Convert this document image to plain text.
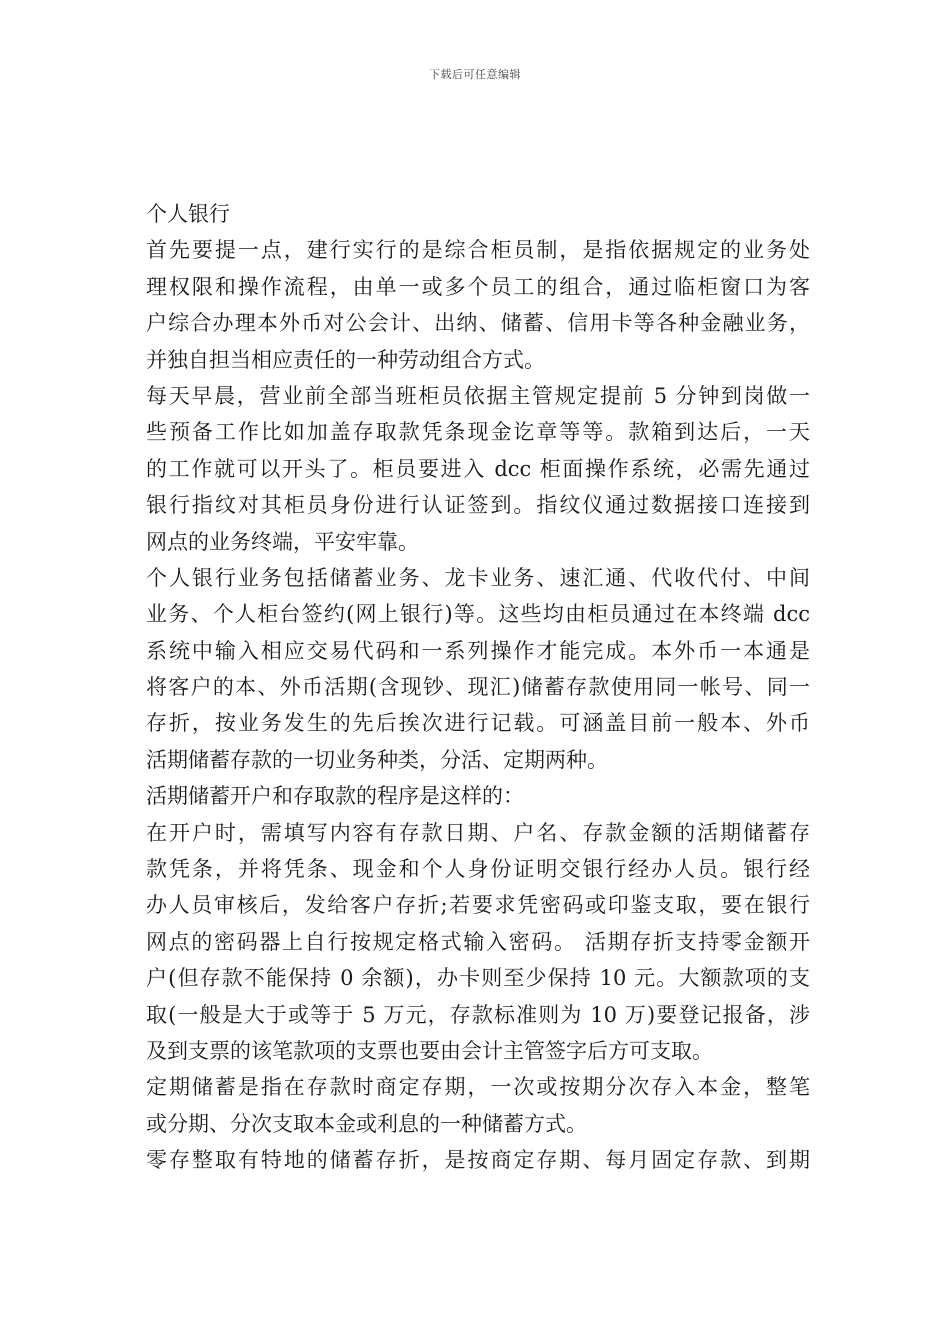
下载后可任意编辑
个人银行
首先要提一点，建行实行的是综合柜员制，是指依据规定的业务处
理权限和操作流程，由单一或多个员工的组合，通过临柜窗口为客
户综合办理本外币对公会计、出纳、储蓄、信用卡等各种金融业务，
并独自担当相应责任的一种劳动组合方式。
每天早晨，营业前全部当班柜员依据主管规定提前 5 分钟到岗做一
些预备工作比如加盖存取款凭条现金讫章等等。款箱到达后，一天
的工作就可以开头了。柜员要进入 dcc 柜面操作系统，必需先通过
银行指纹对其柜员身份进行认证签到。指纹仪通过数据接口连接到
网点的业务终端，平安牢靠。
个人银行业务包括储蓄业务、龙卡业务、速汇通、代收代付、中间
业务、个人柜台签约(网上银行)等。这些均由柜员通过在本终端 dcc
系统中输入相应交易代码和一系列操作才能完成。本外币一本通是
将客户的本、外币活期(含现钞、现汇)储蓄存款使用同一帐号、同一
存折，按业务发生的先后挨次进行记载。可涵盖目前一般本、外币
活期储蓄存款的一切业务种类，分活、定期两种。
活期储蓄开户和存取款的程序是这样的：
在开户时，需填写内容有存款日期、户名、存款金额的活期储蓄存
款凭条，并将凭条、现金和个人身份证明交银行经办人员。银行经
办人员审核后，发给客户存折;若要求凭密码或印鉴支取，要在银行
网点的密码器上自行按规定格式输入密码。 活期存折支持零金额开
户(但存款不能保持 0 余额)，办卡则至少保持 10 元。大额款项的支
取(一般是大于或等于 5 万元，存款标准则为 10 万)要登记报备，涉
及到支票的该笔款项的支票也要由会计主管签字后方可支取。
定期储蓄是指在存款时商定存期，一次或按期分次存入本金，整笔
或分期、分次支取本金或利息的一种储蓄方式。
零存整取有特地的储蓄存折，是按商定存期、每月固定存款、到期
